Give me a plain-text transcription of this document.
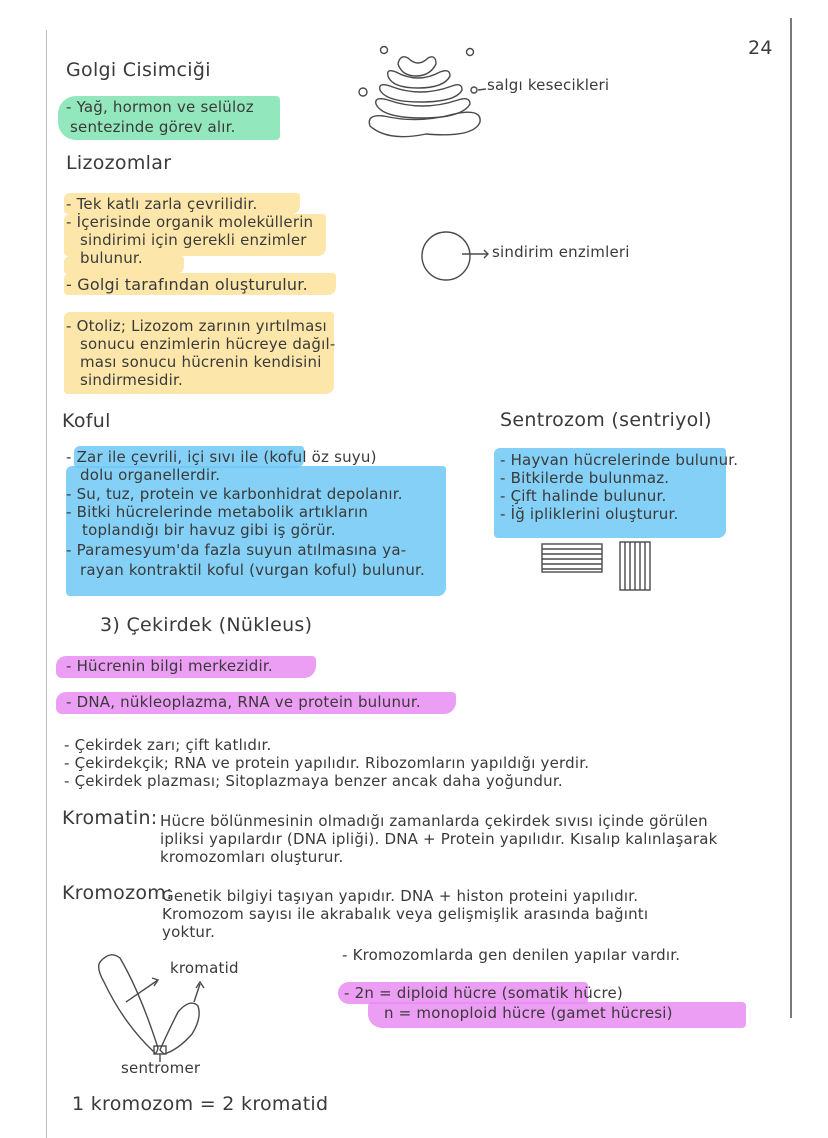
24
Golgi Cisimciği
- Yağ, hormon ve selüloz
sentezinde görev alır.
salgı kesecikleri
Lizozomlar
- Tek katlı zarla çevrilidir.
- İçerisinde organik moleküllerin
sindirimi için gerekli enzimler
bulunur.
- Golgi tarafından oluşturulur.
- Otoliz; Lizozom zarının yırtılması
sonucu enzimlerin hücreye dağıl-
ması sonucu hücrenin kendisini
sindirmesidir.
sindirim enzimleri
Koful
- Zar ile çevrili, içi sıvı ile (koful öz suyu)
dolu organellerdir.
- Su, tuz, protein ve karbonhidrat depolanır.
- Bitki hücrelerinde metabolik artıkların
toplandığı bir havuz gibi iş görür.
- Paramesyum'da fazla suyun atılmasına ya-
rayan kontraktil koful (vurgan koful) bulunur.
Sentrozom (sentriyol)
- Hayvan hücrelerinde bulunur.
- Bitkilerde bulunmaz.
- Çift halinde bulunur.
- İğ ipliklerini oluşturur.
3) Çekirdek (Nükleus)
- Hücrenin bilgi merkezidir.
- DNA, nükleoplazma, RNA ve protein bulunur.
- Çekirdek zarı; çift katlıdır.
- Çekirdekçik; RNA ve protein yapılıdır. Ribozomların yapıldığı yerdir.
- Çekirdek plazması; Sitoplazmaya benzer ancak daha yoğundur.
Kromatin: Hücre bölünmesinin olmadığı zamanlarda çekirdek sıvısı içinde görülen
ipliksi yapılardır (DNA ipliği). DNA + Protein yapılıdır. Kısalıp kalınlaşarak
kromozomları oluşturur.
Kromozom:
Genetik bilgiyi taşıyan yapıdır. DNA + histon proteini yapılıdır.
Kromozom sayısı ile akrabalık veya gelişmişlik arasında bağıntı
yoktur.
- Kromozomlarda gen denilen yapılar vardır.
- 2n = diploid hücre (somatik hücre)
n = monoploid hücre (gamet hücresi)
kromatid
sentromer
1 kromozom = 2 kromatid
